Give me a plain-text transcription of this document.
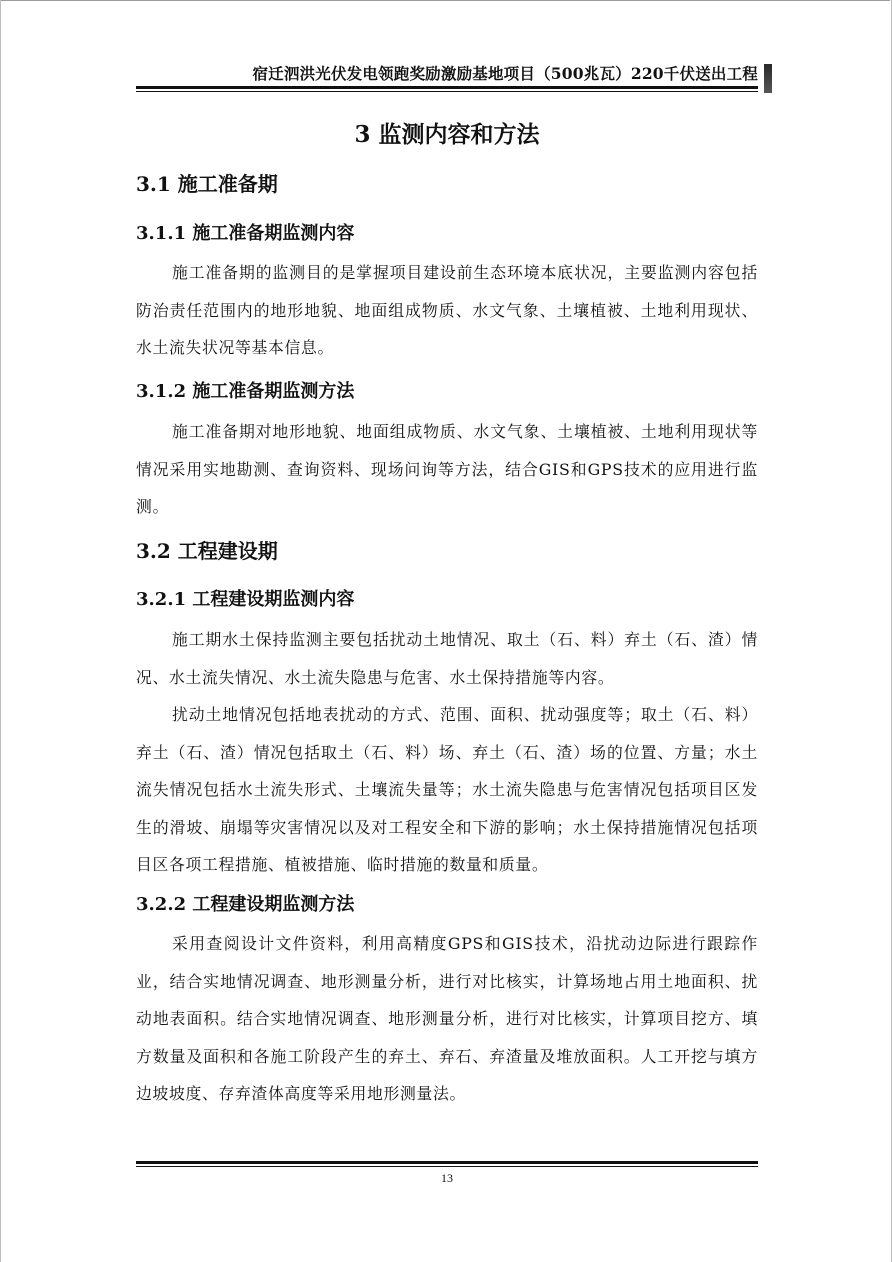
宿迁泗洪光伏发电领跑奖励激励基地项目（500兆瓦）220千伏送出工程
3 监测内容和方法
3.1 施工准备期
3.1.1 施工准备期监测内容

施工准备期的监测目的是掌握项目建设前生态环境本底状况，主要监测内容包括防治责任范围内的地形地貌、地面组成物质、水文气象、土壤植被、土地利用现状、水土流失状况等基本信息。

3.1.2 施工准备期监测方法

施工准备期对地形地貌、地面组成物质、水文气象、土壤植被、土地利用现状等情况采用实地勘测、查询资料、现场问询等方法，结合GIS和GPS技术的应用进行监测。

3.2 工程建设期
3.2.1 工程建设期监测内容

施工期水土保持监测主要包括扰动土地情况、取土（石、料）弃土（石、渣）情况、水土流失情况、水土流失隐患与危害、水土保持措施等内容。

扰动土地情况包括地表扰动的方式、范围、面积、扰动强度等；取土（石、料）弃土（石、渣）情况包括取土（石、料）场、弃土（石、渣）场的位置、方量；水土流失情况包括水土流失形式、土壤流失量等；水土流失隐患与危害情况包括项目区发生的滑坡、崩塌等灾害情况以及对工程安全和下游的影响；水土保持措施情况包括项目区各项工程措施、植被措施、临时措施的数量和质量。

3.2.2 工程建设期监测方法

采用查阅设计文件资料，利用高精度GPS和GIS技术，沿扰动边际进行跟踪作业，结合实地情况调查、地形测量分析，进行对比核实，计算场地占用土地面积、扰动地表面积。结合实地情况调查、地形测量分析，进行对比核实，计算项目挖方、填方数量及面积和各施工阶段产生的弃土、弃石、弃渣量及堆放面积。人工开挖与填方边坡坡度、存弃渣体高度等采用地形测量法。

13
